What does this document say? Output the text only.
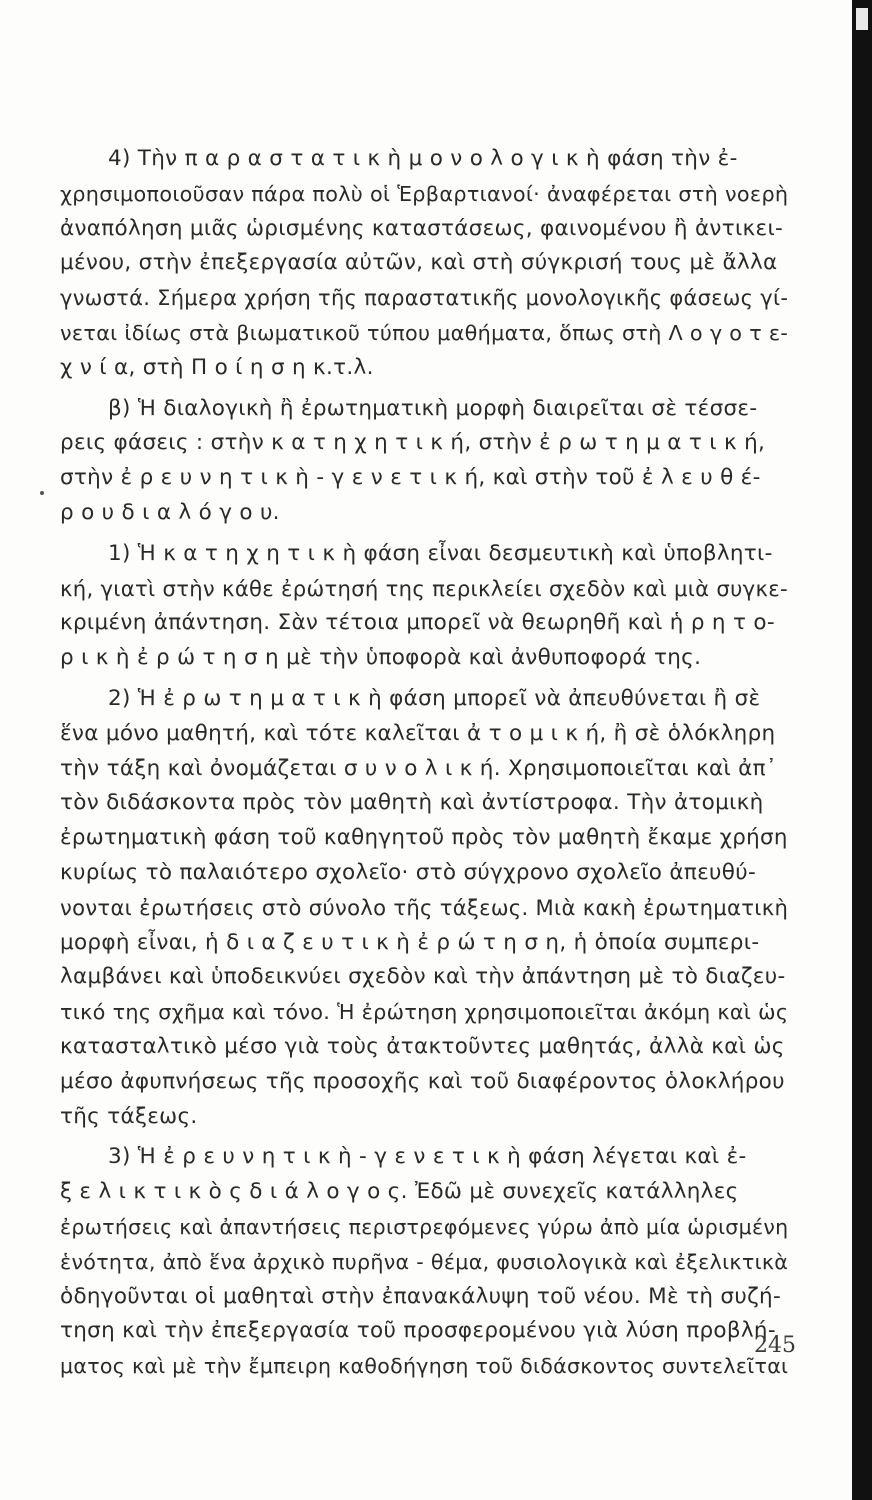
4) Τὴν π α ρ α σ τ α τ ι κ ὴ μ ο ν ο λ ο γ ι κ ὴ φάση τὴν ἐ-
χρησιμοποιοῦσαν πάρα πολὺ οἱ Ἑρβαρτιανοί· ἀναφέρεται στὴ νοερὴ
ἀναπόληση μιᾶς ὡρισμένης καταστάσεως, φαινομένου ἢ ἀντικει-
μένου, στὴν ἐπεξεργασία αὐτῶν, καὶ στὴ σύγκρισή τους μὲ ἄλλα
γνωστά. Σήμερα χρήση τῆς παραστατικῆς μονολογικῆς φάσεως γί-
νεται ἰδίως στὰ βιωματικοῦ τύπου μαθήματα, ὅπως στὴ Λ ο γ ο τ ε-
χ ν ί α, στὴ Π ο ί η σ η κ.τ.λ.
β) Ἡ διαλογικὴ ἢ ἐρωτηματικὴ μορφὴ διαιρεῖται σὲ τέσσε-
ρεις φάσεις : στὴν κ α τ η χ η τ ι κ ή, στὴν ἐ ρ ω τ η μ α τ ι κ ή,
στὴν ἐ ρ ε υ ν η τ ι κ ὴ - γ ε ν ε τ ι κ ή, καὶ στὴν τοῦ ἐ λ ε υ θ έ-
ρ ο υ δ ι α λ ό γ ο υ.
1) Ἡ κ α τ η χ η τ ι κ ὴ φάση εἶναι δεσμευτικὴ καὶ ὑποβλητι-
κή, γιατὶ στὴν κάθε ἐρώτησή της περικλείει σχεδὸν καὶ μιὰ συγκε-
κριμένη ἀπάντηση. Σὰν τέτοια μπορεῖ νὰ θεωρηθῆ καὶ ἡ ρ η τ ο-
ρ ι κ ὴ ἐ ρ ώ τ η σ η μὲ τὴν ὑποφορὰ καὶ ἀνθυποφορά της.
2) Ἡ ἐ ρ ω τ η μ α τ ι κ ὴ φάση μπορεῖ νὰ ἀπευθύνεται ἢ σὲ
ἕνα μόνο μαθητή, καὶ τότε καλεῖται ἀ τ ο μ ι κ ή, ἢ σὲ ὁλόκληρη
τὴν τάξη καὶ ὀνομάζεται σ υ ν ο λ ι κ ή. Χρησιμοποιεῖται καὶ ἀπ᾿
τὸν διδάσκοντα πρὸς τὸν μαθητὴ καὶ ἀντίστροφα. Τὴν ἀτομικὴ
ἐρωτηματικὴ φάση τοῦ καθηγητοῦ πρὸς τὸν μαθητὴ ἔκαμε χρήση
κυρίως τὸ παλαιότερο σχολεῖο· στὸ σύγχρονο σχολεῖο ἀπευθύ-
νονται ἐρωτήσεις στὸ σύνολο τῆς τάξεως. Μιὰ κακὴ ἐρωτηματικὴ
μορφὴ εἶναι, ἡ δ ι α ζ ε υ τ ι κ ὴ ἐ ρ ώ τ η σ η, ἡ ὁποία συμπερι-
λαμβάνει καὶ ὑποδεικνύει σχεδὸν καὶ τὴν ἀπάντηση μὲ τὸ διαζευ-
τικό της σχῆμα καὶ τόνο. Ἡ ἐρώτηση χρησιμοποιεῖται ἀκόμη καὶ ὡς
κατασταλτικὸ μέσο γιὰ τοὺς ἀτακτοῦντες μαθητάς, ἀλλὰ καὶ ὡς
μέσο ἀφυπνήσεως τῆς προσοχῆς καὶ τοῦ διαφέροντος ὁλοκλήρου
τῆς τάξεως.
3) Ἡ ἐ ρ ε υ ν η τ ι κ ὴ - γ ε ν ε τ ι κ ὴ φάση λέγεται καὶ ἐ-
ξ ε λ ι κ τ ι κ ὸ ς δ ι ά λ ο γ ο ς. Ἐδῶ μὲ συνεχεῖς κατάλληλες
ἐρωτήσεις καὶ ἀπαντήσεις περιστρεφόμενες γύρω ἀπὸ μία ὡρισμένη
ἑνότητα, ἀπὸ ἕνα ἀρχικὸ πυρῆνα - θέμα, φυσιολογικὰ καὶ ἐξελικτικὰ
ὁδηγοῦνται οἱ μαθηταὶ στὴν ἐπανακάλυψη τοῦ νέου. Μὲ τὴ συζή-
τηση καὶ τὴν ἐπεξεργασία τοῦ προσφερομένου γιὰ λύση προβλή-
ματος καὶ μὲ τὴν ἔμπειρη καθοδήγηση τοῦ διδάσκοντος συντελεῖται
245
